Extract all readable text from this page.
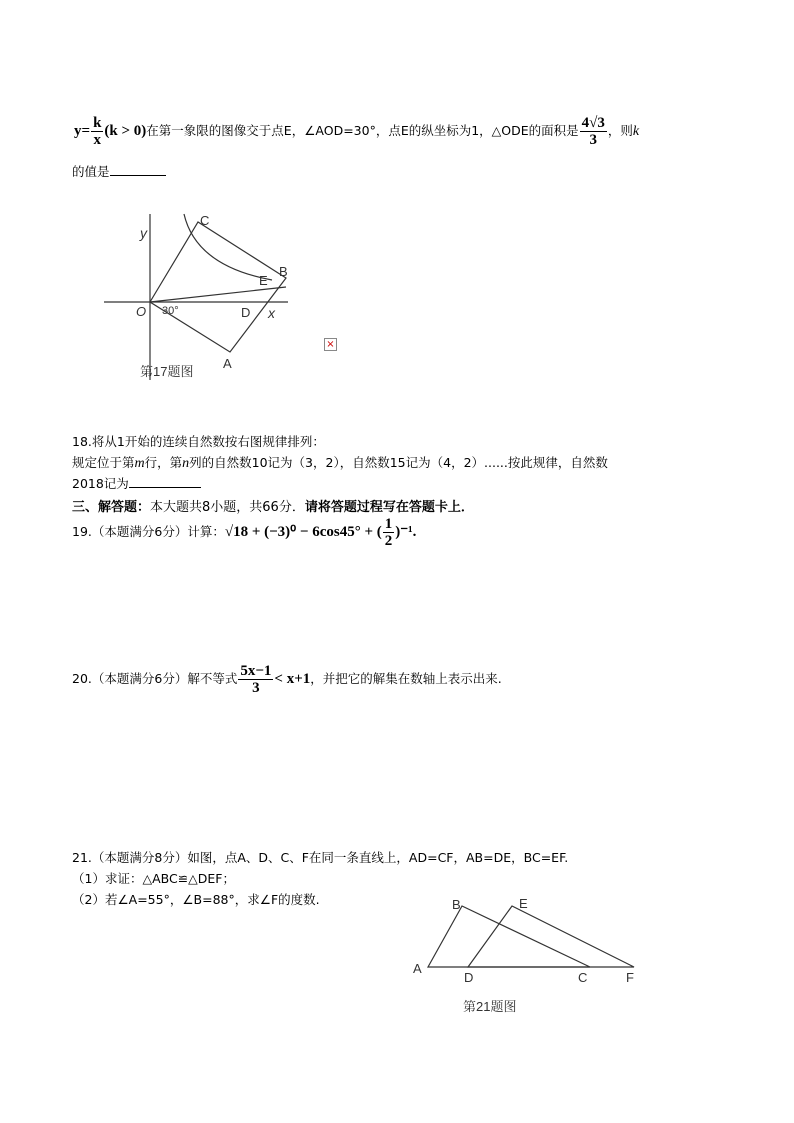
$y= \frac{k}{x} (k > 0)$在第一象限的图像交于点E，∠AOD=30°，点E的纵坐标为1，△ODE的面积是 $\frac{4√3}{3}$ ，则k
的值是
y
x
O
C
B
E
D
A
30°
第17题图
×
18.将从1开始的连续自然数按右图规律排列：
规定位于第m行，第n列的自然数10记为（3，2），自然数15记为（4，2）......按此规律，自然数
2018记为
三、解答题：本大题共8小题，共66分．请将答题过程写在答题卡上．
19.（本题满分6分）计算：√18 + (−3)⁰ − 6cos45° + ( $\frac{1}{2} )^{-1}$.
20.（本题满分6分）解不等式 $\frac{5x-1}{3} < x+1$，并把它的解集在数轴上表示出来.
21.（本题满分8分）如图，点A、D、C、F在同一条直线上，AD=CF，AB=DE，BC=EF.
（1）求证：△ABC≌△DEF；
（2）若∠A=55°，∠B=88°，求∠F的度数.
A
B	E
D	C	F
第21题图
